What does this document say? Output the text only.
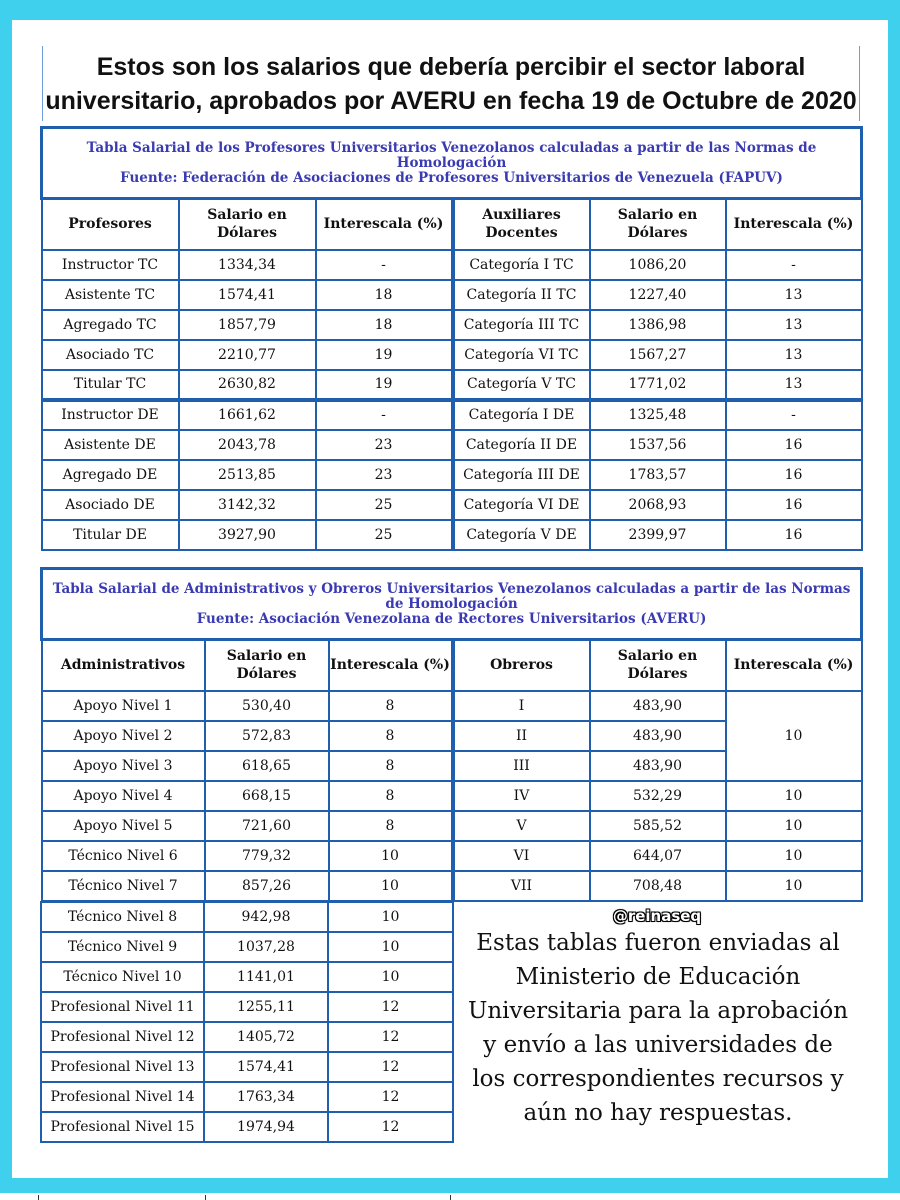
Estos son los salarios que debería percibir el sector laboral
universitario, aprobados por AVERU en fecha 19 de Octubre de 2020
Tabla Salarial de los Profesores Universitarios Venezolanos calculadas a partir de las Normas de Homologación
Fuente: Federación de Asociaciones de Profesores Universitarios de Venezuela (FAPUV)					

Profesores	Salario en Dólares	Interescala (%)	Auxiliares Docentes	Salario en Dólares	Interescala (%)
Instructor TC	1334,34	-	Categoría I TC	1086,20	-
Asistente TC	1574,41	18	Categoría II TC	1227,40	13
Agregado TC	1857,79	18	Categoría III TC	1386,98	13
Asociado TC	2210,77	19	Categoría VI TC	1567,27	13
Titular TC	2630,82	19	Categoría V TC	1771,02	13
Instructor DE	1661,62	-	Categoría I DE	1325,48	-
Asistente DE	2043,78	23	Categoría II DE	1537,56	16
Agregado DE	2513,85	23	Categoría III DE	1783,57	16
Asociado DE	3142,32	25	Categoría VI DE	2068,93	16
Titular DE	3927,90	25	Categoría V DE	2399,97	16
Tabla Salarial de Administrativos y Obreros Universitarios Venezolanos calculadas a partir de las Normas de Homologación
Fuente: Asociación Venezolana de Rectores Universitarios (AVERU)					

Administrativos	Salario en Dólares	Interescala (%)	Obreros	Salario en Dólares	Interescala (%)
Apoyo Nivel 1	530,40	8	I	483,90	10
Apoyo Nivel 2	572,83	8	II	483,90	
Apoyo Nivel 3	618,65	8	III	483,90	
Apoyo Nivel 4	668,15	8	IV	532,29	10
Apoyo Nivel 5	721,60	8	V	585,52	10
Técnico Nivel 6	779,32	10	VI	644,07	10
Técnico Nivel 7	857,26	10	VII	708,48	10
Técnico Nivel 8	942,98	10
Técnico Nivel 9	1037,28	10
Técnico Nivel 10	1141,01	10
Profesional Nivel 11	1255,11	12
Profesional Nivel 12	1405,72	12
Profesional Nivel 13	1574,41	12
Profesional Nivel 14	1763,34	12
Profesional Nivel 15	1974,94	12
@reinaseq
Estas tablas fueron enviadas al
Ministerio de Educación
Universitaria para la aprobación
y envío a las universidades de
los correspondientes recursos y
aún no hay respuestas.
